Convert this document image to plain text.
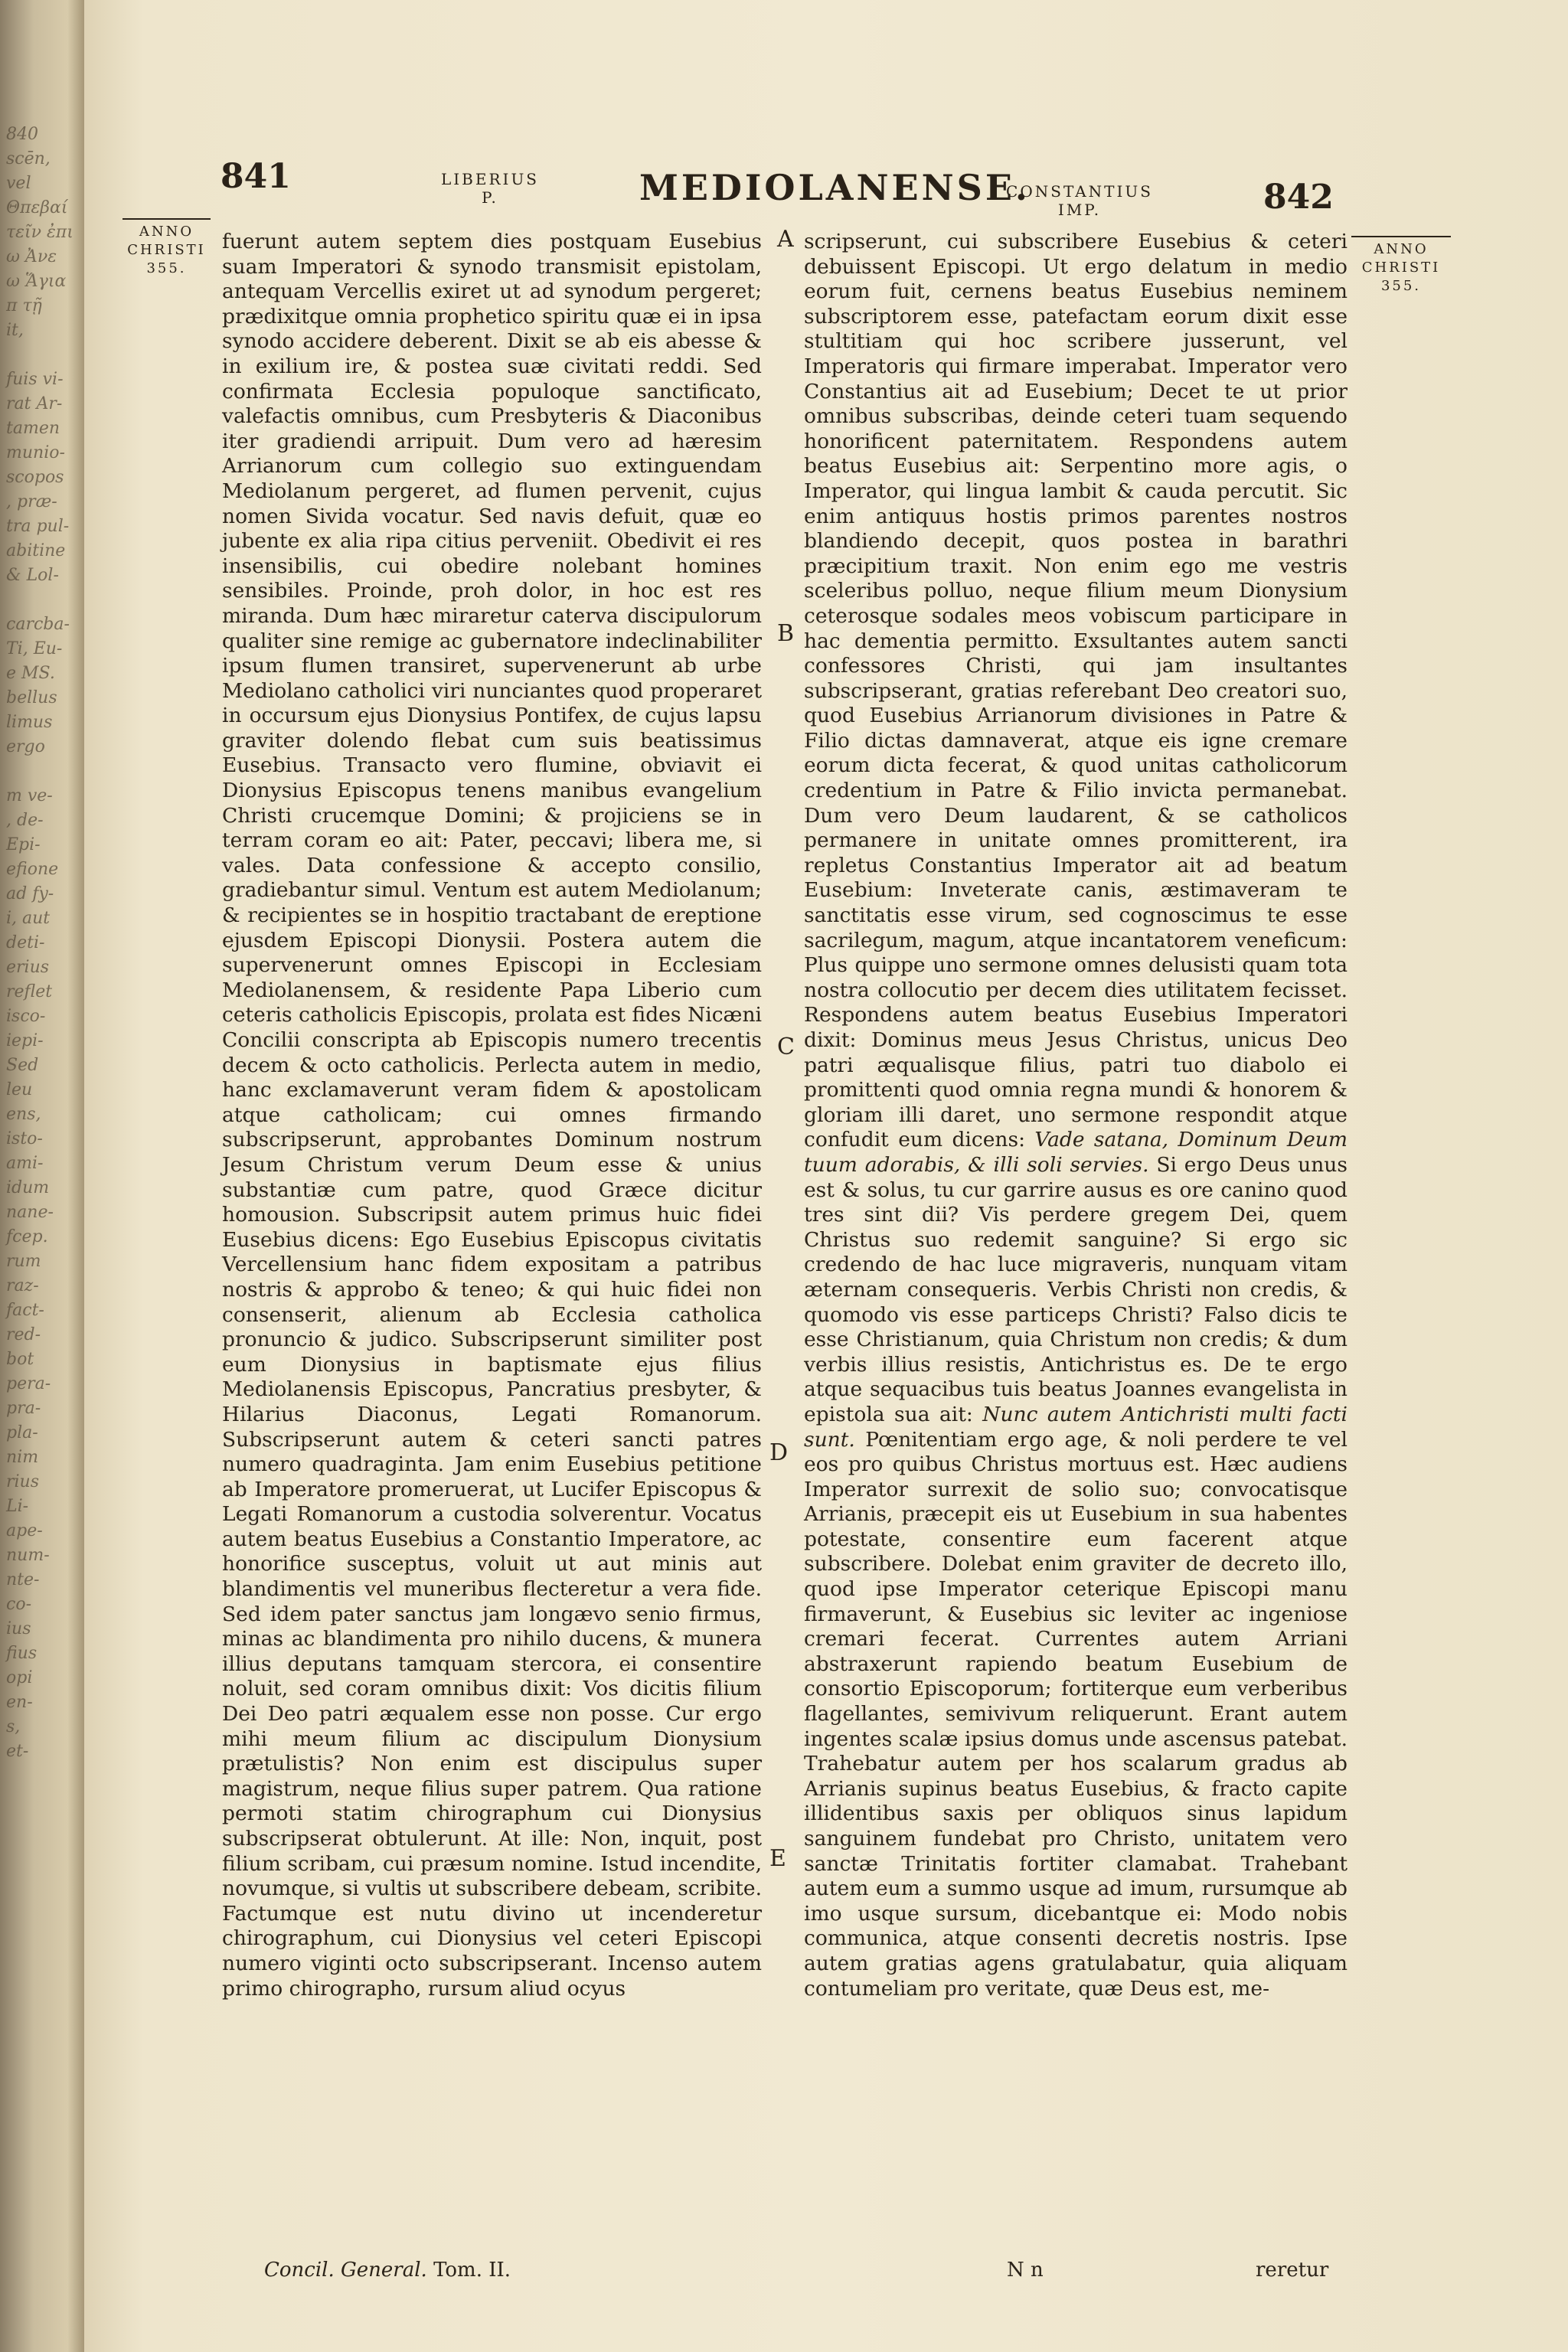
840
scēn, vel
Θπεβαί
τεῖν ἐπι
ω Ἀνε
ω Ἅγια
π τῇ
it,

fuis vi-
rat Ar-
tamen
munio-
scopos
, præ-
tra pul-
abitine
& Lol-

carcba-
Ti, Eu-
e MS.
bellus
limus
ergo

m ve-
, de-
Epi-
efione
ad fy-
i, aut
deti-
erius
reflet
isco-
iepi-
Sed
leu
ens,
isto-
ami-
idum
nane-
fcep.
rum
raz-
fact-
red-
bot
pera-
pra-
pla-
nim
rius
Li-
ape-
num-
nte-
co-
ius
fius
opi
en-
s,
et-
841	LIBERIUS
P.	MEDIOLANENSE.
CONSTANTIUS
IMP.	842
ANNO
CHRISTI
355.
ANNO
CHRISTI
355.

fuerunt autem septem dies postquam Eusebius suam Imperatori & synodo transmisit epistolam, antequam Vercellis exiret ut ad synodum pergeret; prædixitque omnia prophetico spiritu quæ ei in ipsa synodo accidere deberent. Dixit se ab eis abesse & in exilium ire, & postea suæ civitati reddi. Sed confirmata Ecclesia populoque sanctificato, valefactis omnibus, cum Presbyteris & Diaconibus iter gradiendi arripuit. Dum vero ad hæresim Arrianorum cum collegio suo extinguendam Mediolanum pergeret, ad flumen pervenit, cujus nomen Sivida vocatur. Sed navis defuit, quæ eo jubente ex alia ripa citius perveniit. Obedivit ei res insensibilis, cui obedire nolebant homines sensibiles. Proinde, proh dolor, in hoc est res miranda. Dum hæc miraretur caterva discipulorum qualiter sine remige ac gubernatore indeclinabiliter ipsum flumen transiret, supervenerunt ab urbe Mediolano catholici viri nunciantes quod properaret in occursum ejus Dionysius Pontifex, de cujus lapsu graviter dolendo flebat cum suis beatissimus Eusebius. Transacto vero flumine, obviavit ei Dionysius Episcopus tenens manibus evangelium Christi crucemque Domini; & projiciens se in terram coram eo ait: Pater, peccavi; libera me, si vales. Data confessione & accepto consilio, gradiebantur simul. Ventum est autem Mediolanum; & recipientes se in hospitio tractabant de ereptione ejusdem Episcopi Dionysii. Postera autem die supervenerunt omnes Episcopi in Ecclesiam Mediolanensem, & residente Papa Liberio cum ceteris catholicis Episcopis, prolata est fides Nicæni Concilii conscripta ab Episcopis numero trecentis decem & octo catholicis. Perlecta autem in medio, hanc exclamaverunt veram fidem & apostolicam atque catholicam; cui omnes firmando subscripserunt, approbantes Dominum nostrum Jesum Christum verum Deum esse & unius substantiæ cum patre, quod Græce dicitur homousion. Subscripsit autem primus huic fidei Eusebius dicens: Ego Eusebius Episcopus civitatis Vercellensium hanc fidem expositam a patribus nostris & approbo & teneo; & qui huic fidei non consenserit, alienum ab Ecclesia catholica pronuncio & judico. Subscripserunt similiter post eum Dionysius in baptismate ejus filius Mediolanensis Episcopus, Pancratius presbyter, & Hilarius Diaconus, Legati Romanorum. Subscripserunt autem & ceteri sancti patres numero quadraginta. Jam enim Eusebius petitione ab Imperatore promeruerat, ut Lucifer Episcopus & Legati Romanorum a custodia solverentur. Vocatus autem beatus Eusebius a Constantio Imperatore, ac honorifice susceptus, voluit ut aut minis aut blandimentis vel muneribus flecteretur a vera fide. Sed idem pater sanctus jam longævo senio firmus, minas ac blandimenta pro nihilo ducens, & munera illius deputans tamquam stercora, ei consentire noluit, sed coram omnibus dixit: Vos dicitis filium Dei Deo patri æqualem esse non posse. Cur ergo mihi meum filium ac discipulum Dionysium prætulistis? Non enim est discipulus super magistrum, neque filius super patrem. Qua ratione permoti statim chirographum cui Dionysius subscripserat obtulerunt. At ille: Non, inquit, post filium scribam, cui præsum nomine. Istud incendite, novumque, si vultis ut subscribere debeam, scribite. Factumque est nutu divino ut incenderetur chirographum, cui Dionysius vel ceteri Episcopi numero viginti octo subscripserant. Incenso autem primo chirographo, rursum aliud ocyus

A
B
C
D
E

scripserunt, cui subscribere Eusebius & ceteri debuissent Episcopi. Ut ergo delatum in medio eorum fuit, cernens beatus Eusebius neminem subscriptorem esse, patefactam eorum dixit esse stultitiam qui hoc scribere jusserunt, vel Imperatoris qui firmare imperabat. Imperator vero Constantius ait ad Eusebium; Decet te ut prior omnibus subscribas, deinde ceteri tuam sequendo honorificent paternitatem. Respondens autem beatus Eusebius ait: Serpentino more agis, o Imperator, qui lingua lambit & cauda percutit. Sic enim antiquus hostis primos parentes nostros blandiendo decepit, quos postea in barathri præcipitium traxit. Non enim ego me vestris sceleribus polluo, neque filium meum Dionysium ceterosque sodales meos vobiscum participare in hac dementia permitto. Exsultantes autem sancti confessores Christi, qui jam insultantes subscripserant, gratias referebant Deo creatori suo, quod Eusebius Arrianorum divisiones in Patre & Filio dictas damnaverat, atque eis igne cremare eorum dicta fecerat, & quod unitas catholicorum credentium in Patre & Filio invicta permanebat. Dum vero Deum laudarent, & se catholicos permanere in unitate omnes promitterent, ira repletus Constantius Imperator ait ad beatum Eusebium: Inveterate canis, æstimaveram te sanctitatis esse virum, sed cognoscimus te esse sacrilegum, magum, atque incantatorem veneficum: Plus quippe uno sermone omnes delusisti quam tota nostra collocutio per decem dies utilitatem fecisset. Respondens autem beatus Eusebius Imperatori dixit: Dominus meus Jesus Christus, unicus Deo patri æqualisque filius, patri tuo diabolo ei promittenti quod omnia regna mundi & honorem & gloriam illi daret, uno sermone respondit atque confudit eum dicens: Vade satana, Dominum Deum tuum adorabis, & illi soli servies. Si ergo Deus unus est & solus, tu cur garrire ausus es ore canino quod tres sint dii? Vis perdere gregem Dei, quem Christus suo redemit sanguine? Si ergo sic credendo de hac luce migraveris, nunquam vitam æternam consequeris. Verbis Christi non credis, & quomodo vis esse particeps Christi? Falso dicis te esse Christianum, quia Christum non credis; & dum verbis illius resistis, Antichristus es. De te ergo atque sequacibus tuis beatus Joannes evangelista in epistola sua ait: Nunc autem Antichristi multi facti sunt. Pœnitentiam ergo age, & noli perdere te vel eos pro quibus Christus mortuus est. Hæc audiens Imperator surrexit de solio suo; convocatisque Arrianis, præcepit eis ut Eusebium in sua habentes potestate, consentire eum facerent atque subscribere. Dolebat enim graviter de decreto illo, quod ipse Imperator ceterique Episcopi manu firmaverunt, & Eusebius sic leviter ac ingeniose cremari fecerat. Currentes autem Arriani abstraxerunt rapiendo beatum Eusebium de consortio Episcoporum; fortiterque eum verberibus flagellantes, semivivum reliquerunt. Erant autem ingentes scalæ ipsius domus unde ascensus patebat. Trahebatur autem per hos scalarum gradus ab Arrianis supinus beatus Eusebius, & fracto capite illidentibus saxis per obliquos sinus lapidum sanguinem fundebat pro Christo, unitatem vero sanctæ Trinitatis fortiter clamabat. Trahebant autem eum a summo usque ad imum, rursumque ab imo usque sursum, dicebantque ei: Modo nobis communica, atque consenti decretis nostris. Ipse autem gratias agens gratulabatur, quia aliquam contumeliam pro veritate, quæ Deus est, me-

Concil. General. Tom. II.	N n	reretur
